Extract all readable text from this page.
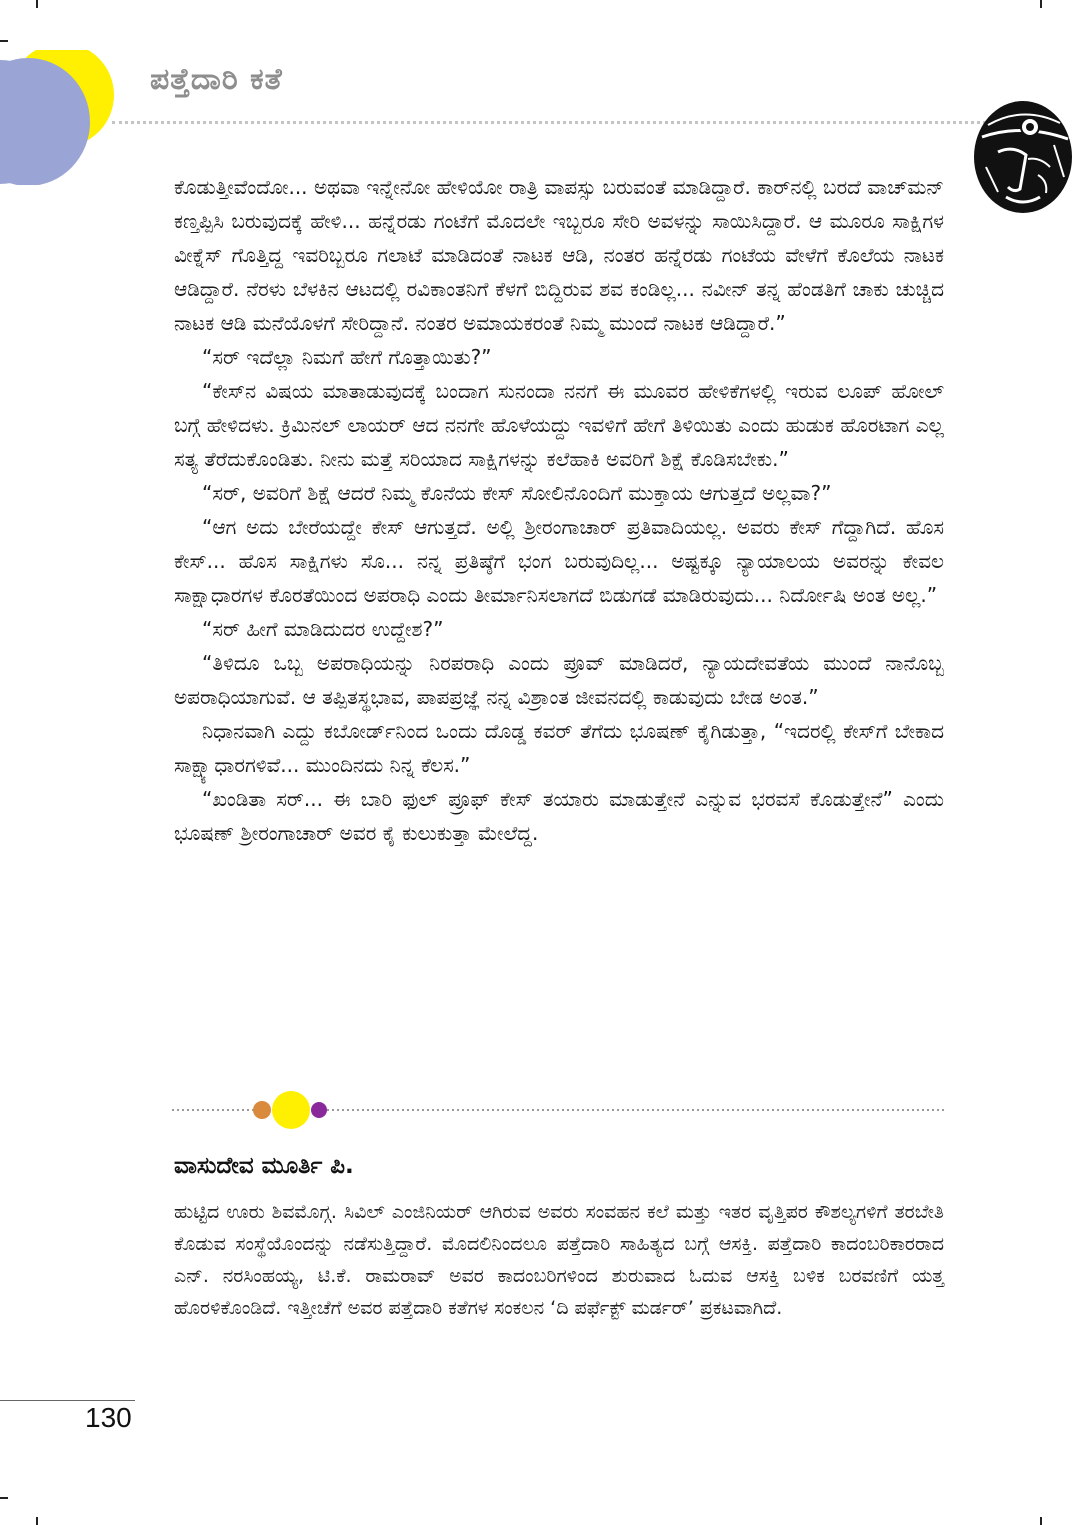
ಪತ್ತೆದಾರಿ ಕತೆ

ಕೊಡುತ್ತೀವೆಂದೋ... ಅಥವಾ ಇನ್ನೇನೋ ಹೇಳಿಯೋ ರಾತ್ರಿ ವಾಪಸ್ಸು ಬರುವಂತೆ ಮಾಡಿದ್ದಾರೆ. ಕಾರ್‌ನಲ್ಲಿ ಬರದೆ ವಾಚ್‌ಮನ್ ಕಣ್ತಪ್ಪಿಸಿ ಬರುವುದಕ್ಕೆ ಹೇಳಿ... ಹನ್ನೆರಡು ಗಂಟೆಗೆ ಮೊದಲೇ ಇಬ್ಬರೂ ಸೇರಿ ಅವಳನ್ನು ಸಾಯಿಸಿದ್ದಾರೆ. ಆ ಮೂರೂ ಸಾಕ್ಷಿಗಳ ವೀಕ್ನೆಸ್ ಗೊತ್ತಿದ್ದ ಇವರಿಬ್ಬರೂ ಗಲಾಟೆ ಮಾಡಿದಂತೆ ನಾಟಕ ಆಡಿ, ನಂತರ ಹನ್ನೆರಡು ಗಂಟೆಯ ವೇಳೆಗೆ ಕೊಲೆಯ ನಾಟಕ ಆಡಿದ್ದಾರೆ. ನೆರಳು ಬೆಳಕಿನ ಆಟದಲ್ಲಿ ರವಿಕಾಂತನಿಗೆ ಕೆಳಗೆ ಬಿದ್ದಿರುವ ಶವ ಕಂಡಿಲ್ಲ... ನವೀನ್ ತನ್ನ ಹೆಂಡತಿಗೆ ಚಾಕು ಚುಚ್ಚಿದ ನಾಟಕ ಆಡಿ ಮನೆಯೊಳಗೆ ಸೇರಿದ್ದಾನೆ. ನಂತರ ಅಮಾಯಕರಂತೆ ನಿಮ್ಮ ಮುಂದೆ ನಾಟಕ ಆಡಿದ್ದಾರೆ.”

“ಸರ್ ಇದೆಲ್ಲಾ ನಿಮಗೆ ಹೇಗೆ ಗೊತ್ತಾಯಿತು?”

“ಕೇಸ್‌ನ ವಿಷಯ ಮಾತಾಡುವುದಕ್ಕೆ ಬಂದಾಗ ಸುನಂದಾ ನನಗೆ ಈ ಮೂವರ ಹೇಳಿಕೆಗಳಲ್ಲಿ ಇರುವ ಲೂಪ್ ಹೋಲ್ ಬಗ್ಗೆ ಹೇಳಿದಳು. ಕ್ರಿಮಿನಲ್ ಲಾಯರ್ ಆದ ನನಗೇ ಹೊಳೆಯದ್ದು ಇವಳಿಗೆ ಹೇಗೆ ತಿಳಿಯಿತು ಎಂದು ಹುಡುಕ ಹೊರಟಾಗ ಎಲ್ಲ ಸತ್ಯ ತೆರೆದುಕೊಂಡಿತು. ನೀನು ಮತ್ತೆ ಸರಿಯಾದ ಸಾಕ್ಷಿಗಳನ್ನು ಕಲೆಹಾಕಿ ಅವರಿಗೆ ಶಿಕ್ಷೆ ಕೊಡಿಸಬೇಕು.”

“ಸರ್, ಅವರಿಗೆ ಶಿಕ್ಷೆ ಆದರೆ ನಿಮ್ಮ ಕೊನೆಯ ಕೇಸ್ ಸೋಲಿನೊಂದಿಗೆ ಮುಕ್ತಾಯ ಆಗುತ್ತದೆ ಅಲ್ಲವಾ?”

“ಆಗ ಅದು ಬೇರೆಯದ್ದೇ ಕೇಸ್ ಆಗುತ್ತದೆ. ಅಲ್ಲಿ ಶ್ರೀರಂಗಾಚಾರ್ ಪ್ರತಿವಾದಿಯಲ್ಲ. ಅವರು ಕೇಸ್ ಗೆದ್ದಾಗಿದೆ. ಹೊಸ ಕೇಸ್... ಹೊಸ ಸಾಕ್ಷಿಗಳು ಸೊ... ನನ್ನ ಪ್ರತಿಷ್ಠೆಗೆ ಭಂಗ ಬರುವುದಿಲ್ಲ... ಅಷ್ಟಕ್ಕೂ ನ್ಯಾಯಾಲಯ ಅವರನ್ನು ಕೇವಲ ಸಾಕ್ಷಾಧಾರಗಳ ಕೊರತೆಯಿಂದ ಅಪರಾಧಿ ಎಂದು ತೀರ್ಮಾನಿಸಲಾಗದೆ ಬಿಡುಗಡೆ ಮಾಡಿರುವುದು... ನಿರ್ದೋಷಿ ಅಂತ ಅಲ್ಲ.”

“ಸರ್ ಹೀಗೆ ಮಾಡಿದುದರ ಉದ್ದೇಶ?”

“ತಿಳಿದೂ ಒಬ್ಬ ಅಪರಾಧಿಯನ್ನು ನಿರಪರಾಧಿ ಎಂದು ಪ್ರೂವ್ ಮಾಡಿದರೆ, ನ್ಯಾಯದೇವತೆಯ ಮುಂದೆ ನಾನೊಬ್ಬ ಅಪರಾಧಿಯಾಗುವೆ. ಆ ತಪ್ಪಿತಸ್ಥಭಾವ, ಪಾಪಪ್ರಜ್ಞೆ ನನ್ನ ವಿಶ್ರಾಂತ ಜೀವನದಲ್ಲಿ ಕಾಡುವುದು ಬೇಡ ಅಂತ.”

ನಿಧಾನವಾಗಿ ಎದ್ದು ಕಬೋರ್ಡ್‌ನಿಂದ ಒಂದು ದೊಡ್ಡ ಕವರ್ ತೆಗೆದು ಭೂಷಣ್ ಕೈಗಿಡುತ್ತಾ, “ಇದರಲ್ಲಿ ಕೇಸ್‌ಗೆ ಬೇಕಾದ ಸಾಕ್ಷ್ಯಾಧಾರಗಳಿವೆ... ಮುಂದಿನದು ನಿನ್ನ ಕೆಲಸ.”

“ಖಂಡಿತಾ ಸರ್... ಈ ಬಾರಿ ಫುಲ್ ಪ್ರೂಫ್ ಕೇಸ್ ತಯಾರು ಮಾಡುತ್ತೇನೆ ಎನ್ನುವ ಭರವಸೆ ಕೊಡುತ್ತೇನೆ” ಎಂದು ಭೂಷಣ್ ಶ್ರೀರಂಗಾಚಾರ್ ಅವರ ಕೈ ಕುಲುಕುತ್ತಾ ಮೇಲೆದ್ದ.

ವಾಸುದೇವ ಮೂರ್ತಿ ಪಿ.
ಹುಟ್ಟಿದ ಊರು ಶಿವಮೊಗ್ಗ. ಸಿವಿಲ್ ಎಂಜಿನಿಯರ್ ಆಗಿರುವ ಅವರು ಸಂವಹನ ಕಲೆ ಮತ್ತು ಇತರ ವೃತ್ತಿಪರ ಕೌಶಲ್ಯಗಳಿಗೆ ತರಬೇತಿ ಕೊಡುವ ಸಂಸ್ಥೆಯೊಂದನ್ನು ನಡೆಸುತ್ತಿದ್ದಾರೆ. ಮೊದಲಿನಿಂದಲೂ ಪತ್ತೆದಾರಿ ಸಾಹಿತ್ಯದ ಬಗ್ಗೆ ಆಸಕ್ತಿ. ಪತ್ತೆದಾರಿ ಕಾದಂಬರಿಕಾರರಾದ ಎನ್. ನರಸಿಂಹಯ್ಯ, ಟಿ.ಕೆ. ರಾಮರಾವ್ ಅವರ ಕಾದಂಬರಿಗಳಿಂದ ಶುರುವಾದ ಓದುವ ಆಸಕ್ತಿ ಬಳಿಕ ಬರವಣಿಗೆ ಯತ್ತ ಹೊರಳಿಕೊಂಡಿದೆ. ಇತ್ತೀಚೆಗೆ ಅವರ ಪತ್ತೆದಾರಿ ಕತೆಗಳ ಸಂಕಲನ ‘ದಿ ಪರ್ಫೆಕ್ಟ್ ಮರ್ಡರ್’ ಪ್ರಕಟವಾಗಿದೆ.
130
